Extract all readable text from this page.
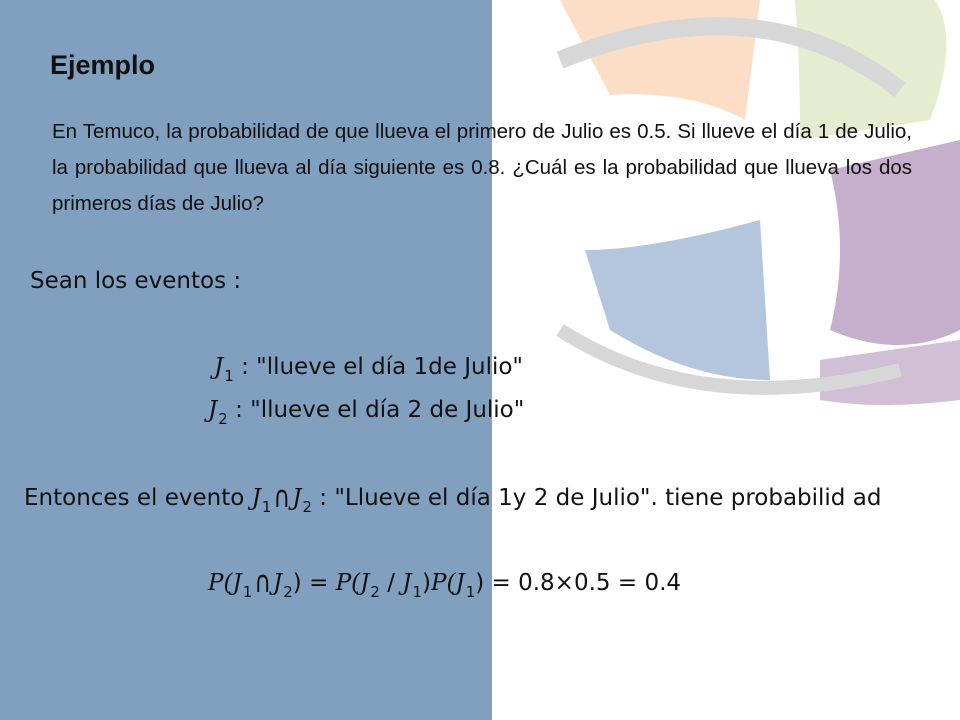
Ejemplo
En Temuco, la probabilidad de que llueva el primero de Julio es 0.5. Si llueve el día 1 de Julio, la probabilidad que llueva al día siguiente es 0.8. ¿Cuál es la probabilidad que llueva los dos primeros días de Julio?
Sean los eventos :
$J_1$ : "llueve el día 1de Julio"
$J_2$ : "llueve el día 2 de Julio"
Entonces el evento $J_1\cap J_2$ : "Llueve el día 1y 2 de Julio". tiene probabilid ad
$P(J_1\cap J_2) = P(J_2 / J_1)P(J_1) = 0.8\times 0.5 = 0.4$
